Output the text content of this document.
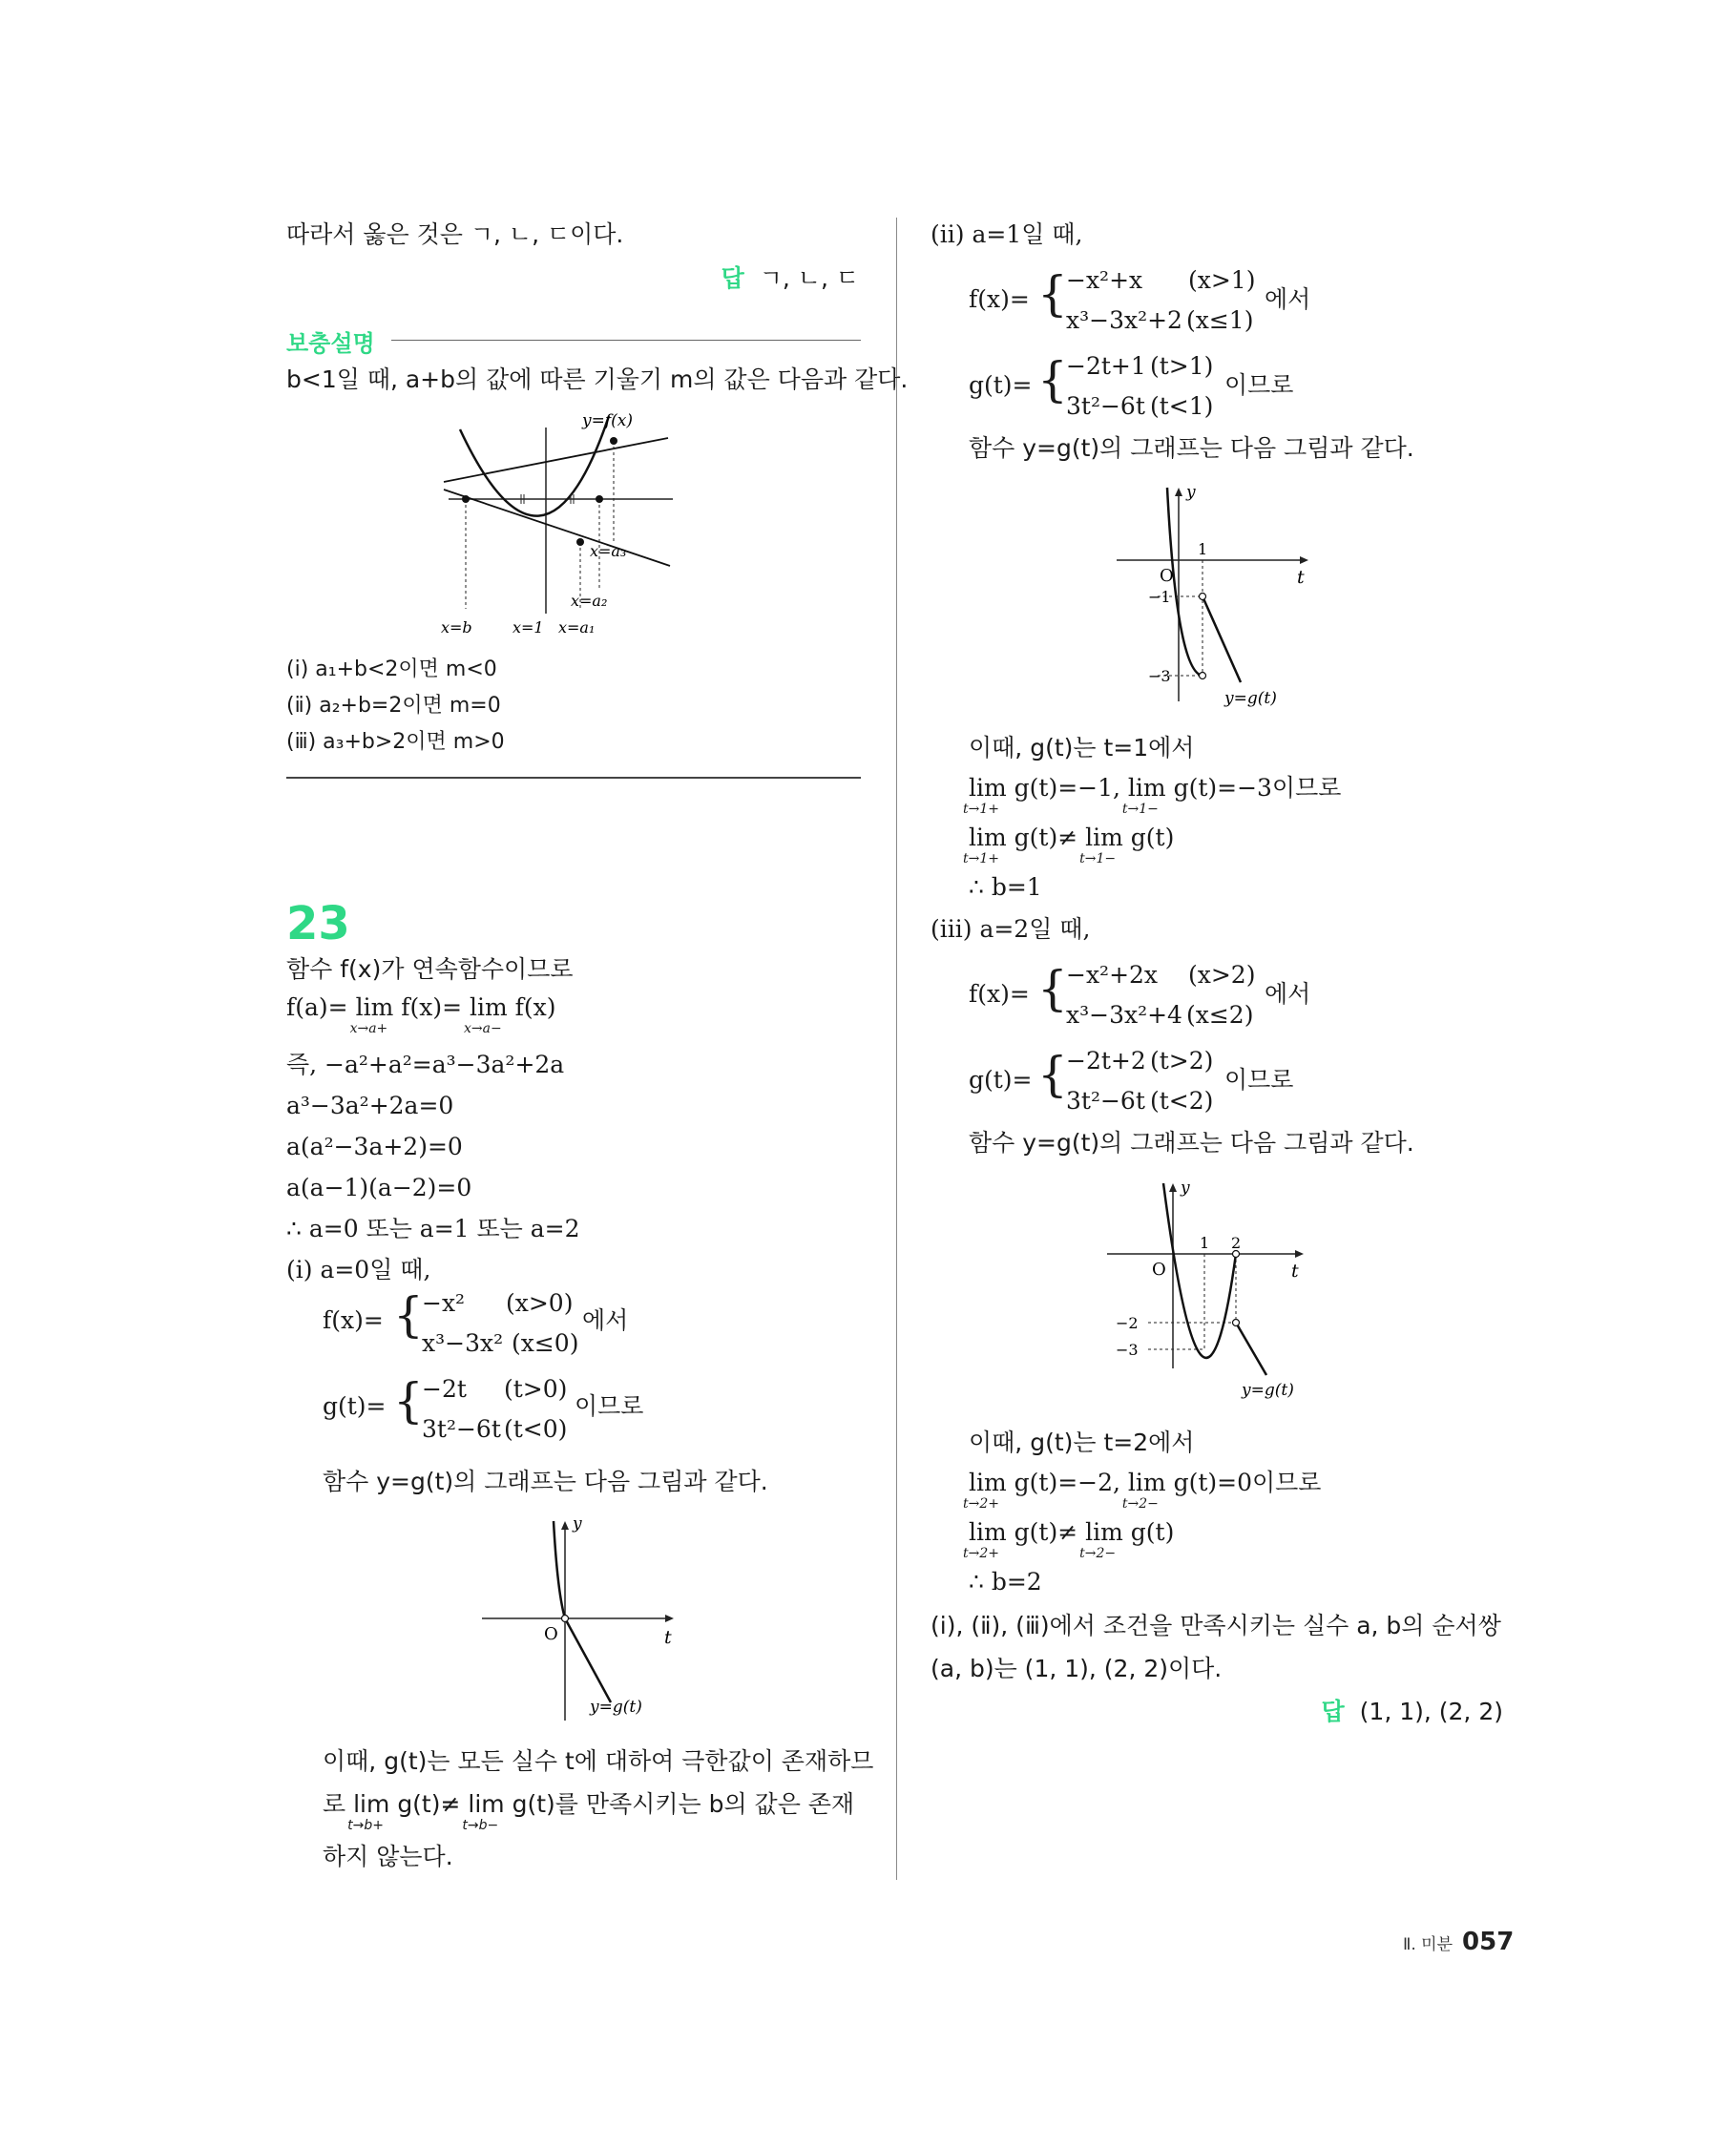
따라서 옳은 것은 ㄱ, ㄴ, ㄷ이다.
답 ㄱ, ㄴ, ㄷ
보충설명
b<1일 때, a+b의 값에 따른 기울기 m의 값은 다음과 같다.
y=f(x)
x=a₃
x=a₂
x=b	x=1 x=a₁
(ⅰ) a₁+b<2이면 m<0
(ⅱ) a₂+b=2이면 m=0
(ⅲ) a₃+b>2이면 m>0
23
함수 f(x)가 연속함수이므로
f(a)= lim
x→a+
f(x)= lim
x→a−
f(x)
즉, −a²+a²=a³−3a²+2a
a³−3a²+2a=0
a(a²−3a+2)=0
a(a−1)(a−2)=0
∴ a=0 또는 a=1 또는 a=2
(ⅰ) a=0일 때,
f(x)= {
−x² (x>0)
x³−3x² (x≤0)
에서
g(t)= {
−2t (t>0)
3t²−6t (t<0)
이므로
함수 y=g(t)의 그래프는 다음 그림과 같다.
y
t
O
y=g(t)
이때, g(t)는 모든 실수 t에 대하여 극한값이 존재하므
로 lim
t→b+
g(t)≠ lim
t→b−
g(t)를 만족시키는 b의 값은 존재
하지 않는다.
(ⅱ) a=1일 때,
f(x)= {
−x²+x (x>1)
x³−3x²+2 (x≤1)
에서
g(t)= {
−2t+1 (t>1)
3t²−6t (t<1)
이므로
함수 y=g(t)의 그래프는 다음 그림과 같다.
y
t
O
1
−1
−3
y=g(t)
이때, g(t)는 t=1에서
lim
t→1+
g(t)=−1, lim
t→1−
g(t)=−3이므로
lim
t→1+
g(t)≠ lim
t→1−
g(t)
∴ b=1
(ⅲ) a=2일 때,
f(x)= {
−x²+2x (x>2)
x³−3x²+4 (x≤2)
에서
g(t)= {
−2t+2 (t>2)
3t²−6t (t<2)
이므로
함수 y=g(t)의 그래프는 다음 그림과 같다.
y
t
O
1 2
−2
−3
y=g(t)
이때, g(t)는 t=2에서
lim
t→2+
g(t)=−2, lim
t→2−
g(t)=0이므로
lim
t→2+
g(t)≠ lim
t→2−
g(t)
∴ b=2
(ⅰ), (ⅱ), (ⅲ)에서 조건을 만족시키는 실수 a, b의 순서쌍
(a, b)는 (1, 1), (2, 2)이다.
답 (1, 1), (2, 2)
Ⅱ. 미분 057
